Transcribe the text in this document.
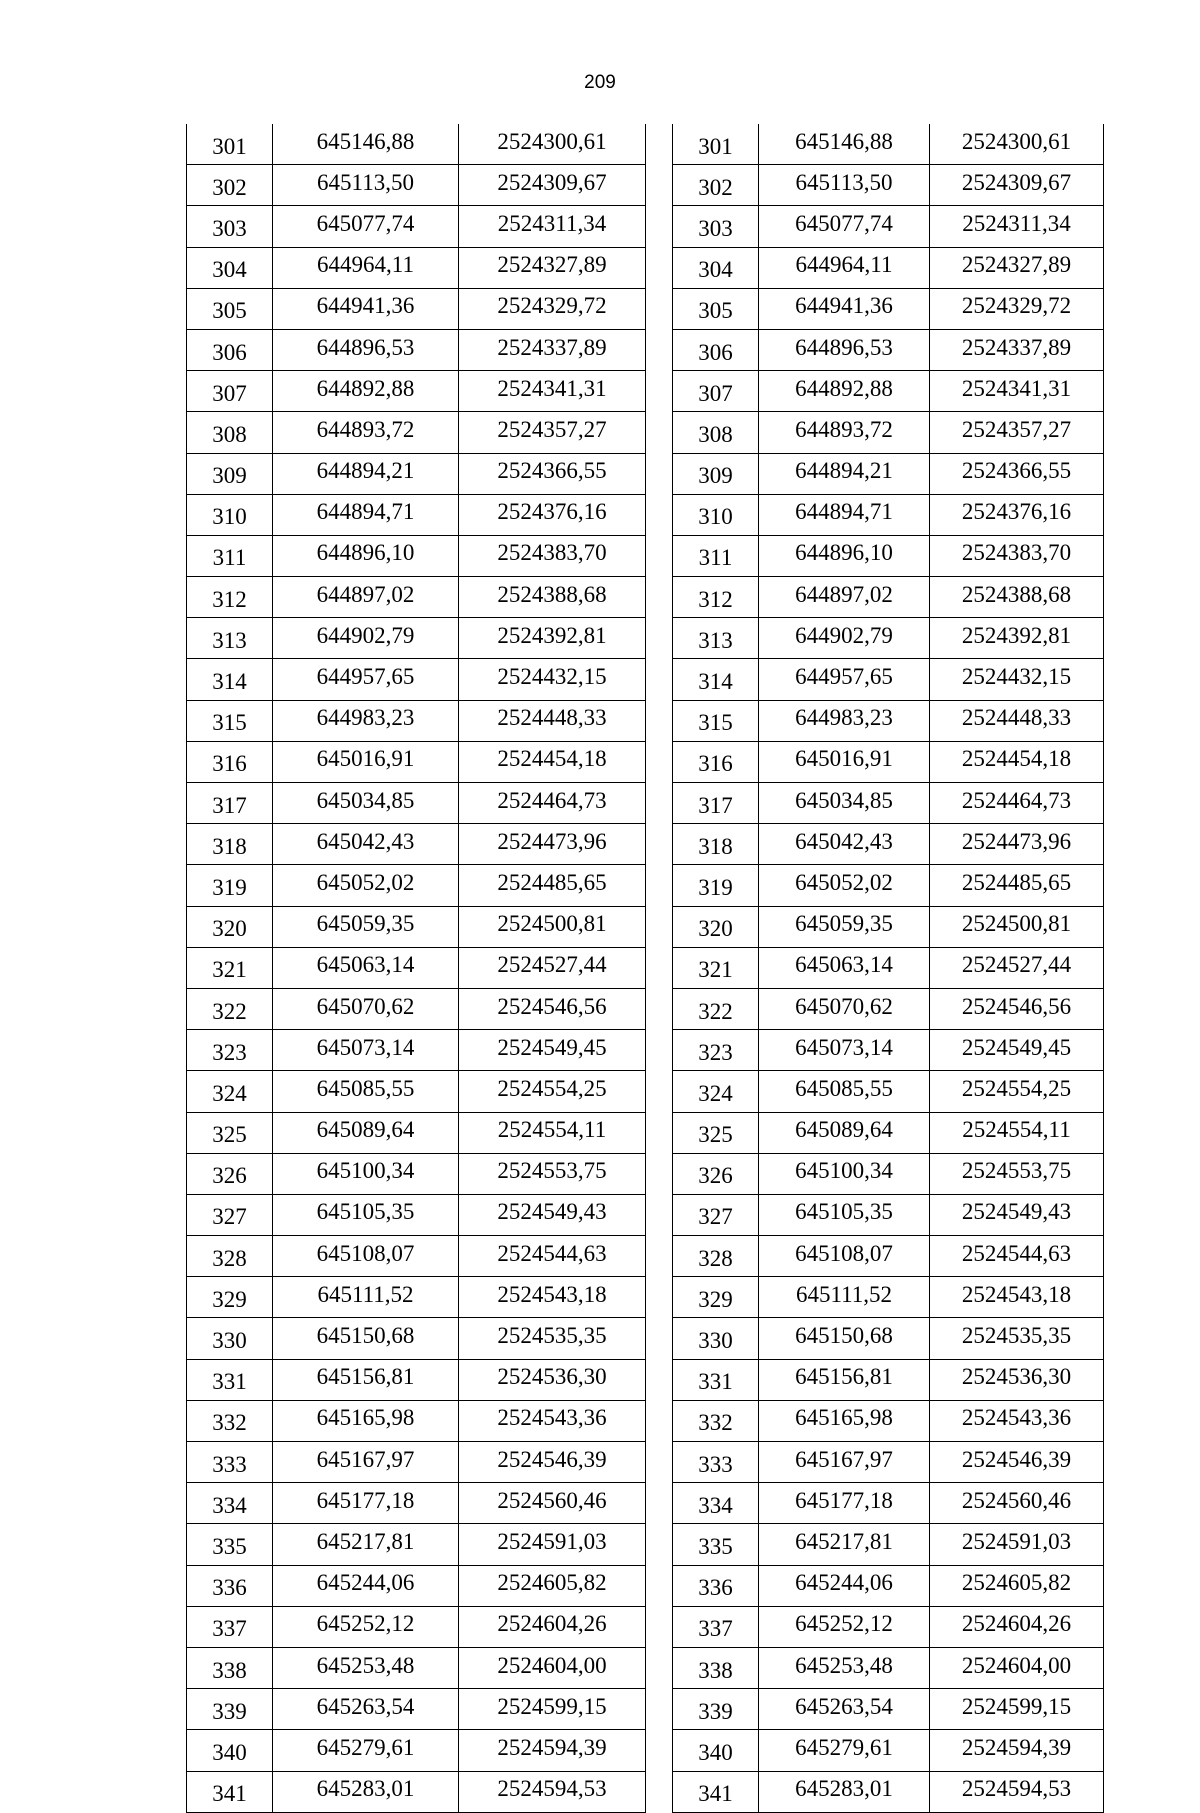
209
301	645146,88	2524300,61
302	645113,50	2524309,67
303	645077,74	2524311,34
304	644964,11	2524327,89
305	644941,36	2524329,72
306	644896,53	2524337,89
307	644892,88	2524341,31
308	644893,72	2524357,27
309	644894,21	2524366,55
310	644894,71	2524376,16
311	644896,10	2524383,70
312	644897,02	2524388,68
313	644902,79	2524392,81
314	644957,65	2524432,15
315	644983,23	2524448,33
316	645016,91	2524454,18
317	645034,85	2524464,73
318	645042,43	2524473,96
319	645052,02	2524485,65
320	645059,35	2524500,81
321	645063,14	2524527,44
322	645070,62	2524546,56
323	645073,14	2524549,45
324	645085,55	2524554,25
325	645089,64	2524554,11
326	645100,34	2524553,75
327	645105,35	2524549,43
328	645108,07	2524544,63
329	645111,52	2524543,18
330	645150,68	2524535,35
331	645156,81	2524536,30
332	645165,98	2524543,36
333	645167,97	2524546,39
334	645177,18	2524560,46
335	645217,81	2524591,03
336	645244,06	2524605,82
337	645252,12	2524604,26
338	645253,48	2524604,00
339	645263,54	2524599,15
340	645279,61	2524594,39
341	645283,01	2524594,53
301	645146,88	2524300,61
302	645113,50	2524309,67
303	645077,74	2524311,34
304	644964,11	2524327,89
305	644941,36	2524329,72
306	644896,53	2524337,89
307	644892,88	2524341,31
308	644893,72	2524357,27
309	644894,21	2524366,55
310	644894,71	2524376,16
311	644896,10	2524383,70
312	644897,02	2524388,68
313	644902,79	2524392,81
314	644957,65	2524432,15
315	644983,23	2524448,33
316	645016,91	2524454,18
317	645034,85	2524464,73
318	645042,43	2524473,96
319	645052,02	2524485,65
320	645059,35	2524500,81
321	645063,14	2524527,44
322	645070,62	2524546,56
323	645073,14	2524549,45
324	645085,55	2524554,25
325	645089,64	2524554,11
326	645100,34	2524553,75
327	645105,35	2524549,43
328	645108,07	2524544,63
329	645111,52	2524543,18
330	645150,68	2524535,35
331	645156,81	2524536,30
332	645165,98	2524543,36
333	645167,97	2524546,39
334	645177,18	2524560,46
335	645217,81	2524591,03
336	645244,06	2524605,82
337	645252,12	2524604,26
338	645253,48	2524604,00
339	645263,54	2524599,15
340	645279,61	2524594,39
341	645283,01	2524594,53
